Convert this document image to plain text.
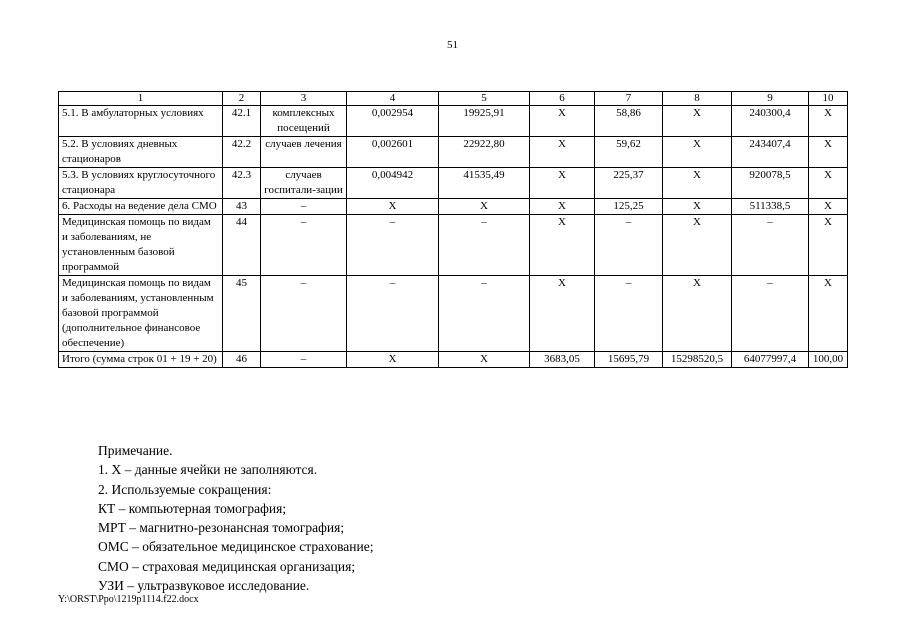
51
1	2	3	4	5	6	7	8	9	10
5.1. В амбулаторных условиях	42.1	комплексных посещений	0,002954	19925,91	X	58,86	X	240300,4	X
5.2. В условиях дневных стационаров	42.2	случаев лечения	0,002601	22922,80	X	59,62	X	243407,4	X
5.3. В условиях круглосуточного стационара	42.3	случаев госпитали-зации	0,004942	41535,49	X	225,37	X	920078,5	X
6. Расходы на ведение дела СМО	43	–	X	X	X	125,25	X	511338,5	X
Медицинская помощь по видам и заболеваниям, не установленным базовой программой	44	–	–	–	X	–	X	–	X
Медицинская помощь по видам и заболеваниям, установленным базовой программой (дополнительное финансовое обеспечение)	45	–	–	–	X	–	X	–	X
Итого (сумма строк 01 + 19 + 20)	46	–	X	X	3683,05	15695,79	15298520,5	64077997,4	100,00
Примечание.
1. X – данные ячейки не заполняются.
2. Используемые сокращения:
КТ – компьютерная томография;
МРТ – магнитно-резонансная томография;
ОМС – обязательное медицинское страхование;
СМО – страховая медицинская организация;
УЗИ – ультразвуковое исследование.
Y:\ORST\Ppo\1219p1114.f22.docx
